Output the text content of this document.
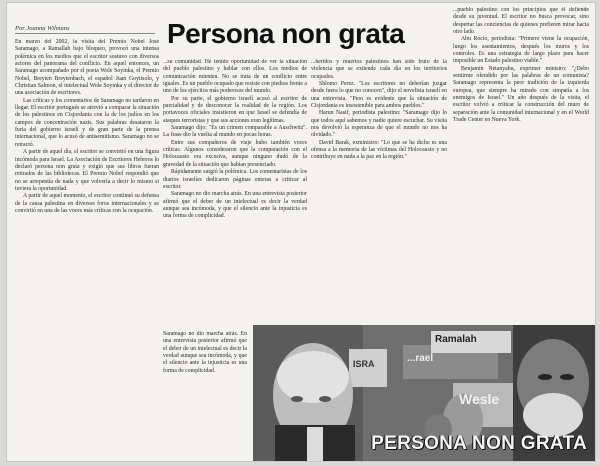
Por Joanna Wilmans	Persona non grata

En marzo del 2002, la visita del Premio Nobel José Saramago, a Ramallah bajo bloqueo, provocó una intensa polémica en los medios que el escritor sostuvo con diversos actores del panorama del conflicto. En aquel entonces, un Saramago acompañado por el poeta Wole Soyinka, el Premio Nobel, Breyten Breytenbach, el español Juan Goytisolo, y Christian Salmon, el intelectual Wole Soyinka y el director de una asociación de escritores.

Las críticas y los comentarios de Saramago no tardaron en llegar. El escritor portugués se atrevió a comparar la situación de los palestinos en Cisjordania con la de los judíos en los campos de concentración nazis. Sus palabras desataron la furia del gobierno israelí y de gran parte de la prensa internacional, que lo acusó de antisemitismo. Saramago no se retractó.

A partir de aquel día, el escritor se convirtió en una figura incómoda para Israel. La Asociación de Escritores Hebreos lo declaró persona non grata y exigió que sus libros fueran retirados de las bibliotecas. El Premio Nobel respondió que no se arrepentía de nada y que volvería a decir lo mismo si tuviera la oportunidad.

A partir de aquel momento, el escritor continuó su defensa de la causa palestina en diversos foros internacionales y se convirtió en una de las voces más críticas con la ocupación.

...su comunidad. He tenido oportunidad de ver la situación del pueblo palestino y hablar con ellos. Los medios de comunicación mienten. No se trata de un conflicto entre iguales. Es un pueblo ocupado que resiste con piedras frente a uno de los ejércitos más poderosos del mundo.

Por su parte, el gobierno israelí acusó al escritor de parcialidad y de desconocer la realidad de la región. Los portavoces oficiales insistieron en que Israel se defendía de ataques terroristas y que sus acciones eran legítimas.

Saramago dijo: "Es un crimen comparable a Auschwitz". La frase dio la vuelta al mundo en pocas horas.

Entre sus compañeros de viaje hubo también voces críticas. Algunos consideraron que la comparación con el Holocausto era excesiva, aunque ninguno dudó de la gravedad de la situación que habían presenciado.

Rápidamente surgió la polémica. Los comentaristas de los diarios israelíes dedicaron páginas enteras a criticar al escritor.

Saramago no dio marcha atrás. En una entrevista posterior afirmó que el deber de un intelectual es decir la verdad aunque sea incómoda, y que el silencio ante la injusticia es una forma de complicidad.

Saramago no dio marcha atrás. En una entrevista posterior afirmó que el deber de un intelectual es decir la verdad aunque sea incómoda, y que el silencio ante la injusticia es una forma de complicidad.

...heridos y muertos palestinos han sido fruto de la violencia que se extiende cada día en los territorios ocupados.

Shlomo Perez. "Los escritores no deberían juzgar desde fuera lo que no conocen", dijo el novelista israelí en una entrevista. "Pero es evidente que la situación de Cisjordania es insostenible para ambos pueblos."

Harun Nasif, periodista palestino: "Saramago dijo lo que todos aquí sabemos y nadie quiere escuchar. Su visita nos devolvió la esperanza de que el mundo no nos ha olvidado."

David Barak, exministro: "Lo que se ha dicho es una ofensa a la memoria de las víctimas del Holocausto y no contribuye en nada a la paz en la región."

...pueblo palestino con los principios que él defiende desde su juventud. El escritor no busca provocar, sino despertar las conciencias de quienes prefieren mirar hacia otro lado.

Abu Rocio, periodista: "Primero viene la ocupación, luego los asentamientos, después los muros y los controles. Es una estrategia de largo plazo para hacer imposible un Estado palestino viable."

Benjamin Netanyahu, exprimer ministro: "¿Debo sentirme ofendido por las palabras de un comunista? Saramago representa la peor tradición de la izquierda europea, que siempre ha mirado con simpatía a los enemigos de Israel." Un año después de la visita, el escritor volvió a criticar la construcción del muro de separación ante la comunidad internacional y en el World Trade Center en Nueva York.

Ramalah
ISRA
Wesle
...rael
PERSONA NON GRATA
